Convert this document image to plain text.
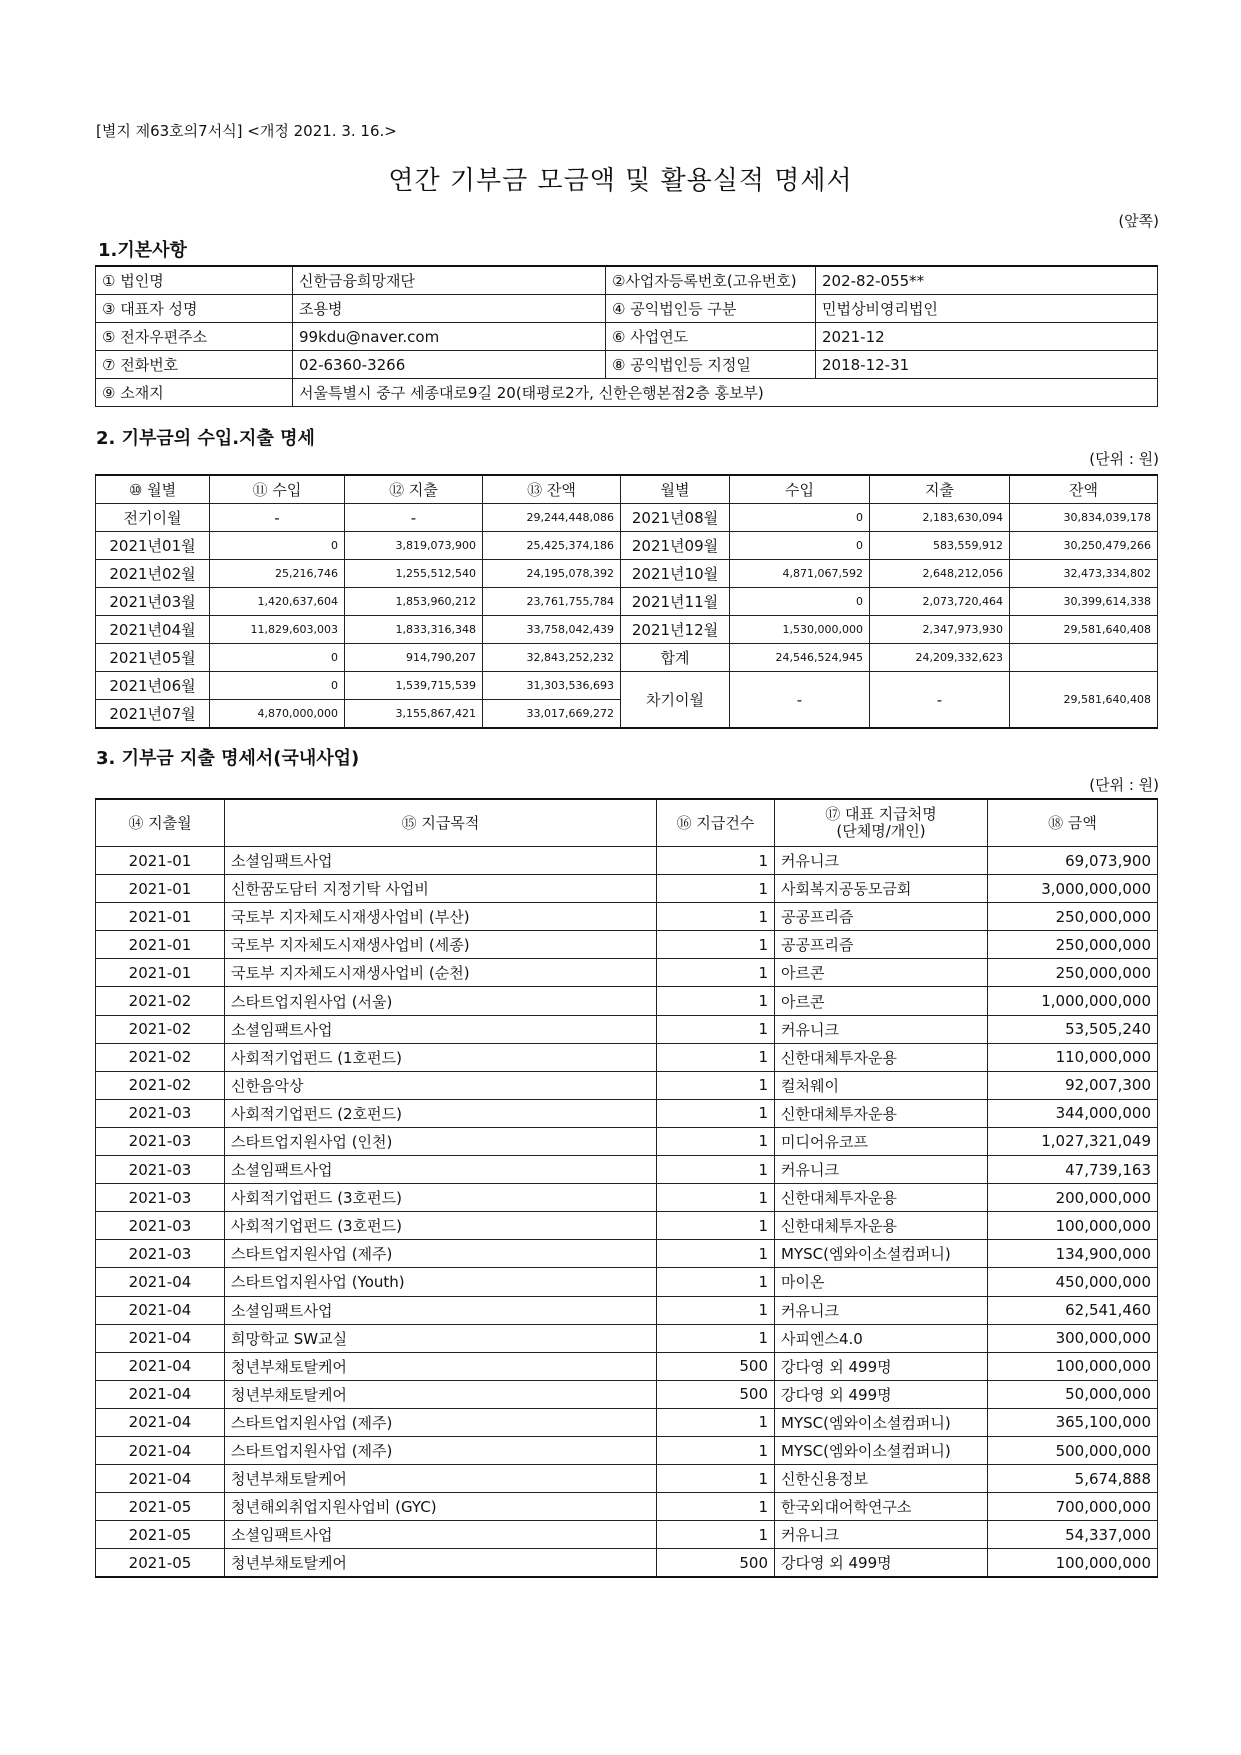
[별지 제63호의7서식] <개정 2021. 3. 16.>
연간 기부금 모금액 및 활용실적 명세서
(앞쪽)
1.기본사항
① 법인명	신한금융희망재단	②사업자등록번호(고유번호)	202-82-055**
③ 대표자 성명	조용병	④ 공익법인등 구분	민법상비영리법인
⑤ 전자우편주소	99kdu@naver.com	⑥ 사업연도	2021-12
⑦ 전화번호	02-6360-3266	⑧ 공익법인등 지정일	2018-12-31
⑨ 소재지	서울특별시 중구 세종대로9길 20(태평로2가, 신한은행본점2층 홍보부)		
2. 기부금의 수입.지출 명세
(단위 : 원)
⑩ 월별	⑪ 수입	⑫ 지출	⑬ 잔액	월별	수입	지출	잔액
전기이월	-	-	29,244,448,086	2021년08월	0	2,183,630,094	30,834,039,178
2021년01월	0	3,819,073,900	25,425,374,186	2021년09월	0	583,559,912	30,250,479,266
2021년02월	25,216,746	1,255,512,540	24,195,078,392	2021년10월	4,871,067,592	2,648,212,056	32,473,334,802
2021년03월	1,420,637,604	1,853,960,212	23,761,755,784	2021년11월	0	2,073,720,464	30,399,614,338
2021년04월	11,829,603,003	1,833,316,348	33,758,042,439	2021년12월	1,530,000,000	2,347,973,930	29,581,640,408
2021년05월	0	914,790,207	32,843,252,232	합계	24,546,524,945	24,209,332,623	
2021년06월	0	1,539,715,539	31,303,536,693	차기이월	-	-	29,581,640,408
2021년07월	4,870,000,000	3,155,867,421	33,017,669,272				
3. 기부금 지출 명세서(국내사업)
(단위 : 원)
⑭ 지출월	⑮ 지급목적	⑯ 지급건수	⑰ 대표 지급처명
(단체명/개인)	⑱ 금액
2021-01	소셜임팩트사업	1	커유니크	69,073,900
2021-01	신한꿈도담터 지정기탁 사업비	1	사회복지공동모금회	3,000,000,000
2021-01	국토부 지자체도시재생사업비 (부산)	1	공공프리즘	250,000,000
2021-01	국토부 지자체도시재생사업비 (세종)	1	공공프리즘	250,000,000
2021-01	국토부 지자체도시재생사업비 (순천)	1	아르콘	250,000,000
2021-02	스타트업지원사업 (서울)	1	아르콘	1,000,000,000
2021-02	소셜임팩트사업	1	커유니크	53,505,240
2021-02	사회적기업펀드 (1호펀드)	1	신한대체투자운용	110,000,000
2021-02	신한음악상	1	컬처웨이	92,007,300
2021-03	사회적기업펀드 (2호펀드)	1	신한대체투자운용	344,000,000
2021-03	스타트업지원사업 (인천)	1	미디어유코프	1,027,321,049
2021-03	소셜임팩트사업	1	커유니크	47,739,163
2021-03	사회적기업펀드 (3호펀드)	1	신한대체투자운용	200,000,000
2021-03	사회적기업펀드 (3호펀드)	1	신한대체투자운용	100,000,000
2021-03	스타트업지원사업 (제주)	1	MYSC(엠와이소셜컴퍼니)	134,900,000
2021-04	스타트업지원사업 (Youth)	1	마이온	450,000,000
2021-04	소셜임팩트사업	1	커유니크	62,541,460
2021-04	희망학교 SW교실	1	사피엔스4.0	300,000,000
2021-04	청년부채토탈케어	500	강다영 외 499명	100,000,000
2021-04	청년부채토탈케어	500	강다영 외 499명	50,000,000
2021-04	스타트업지원사업 (제주)	1	MYSC(엠와이소셜컴퍼니)	365,100,000
2021-04	스타트업지원사업 (제주)	1	MYSC(엠와이소셜컴퍼니)	500,000,000
2021-04	청년부채토탈케어	1	신한신용정보	5,674,888
2021-05	청년해외취업지원사업비 (GYC)	1	한국외대어학연구소	700,000,000
2021-05	소셜임팩트사업	1	커유니크	54,337,000
2021-05	청년부채토탈케어	500	강다영 외 499명	100,000,000
